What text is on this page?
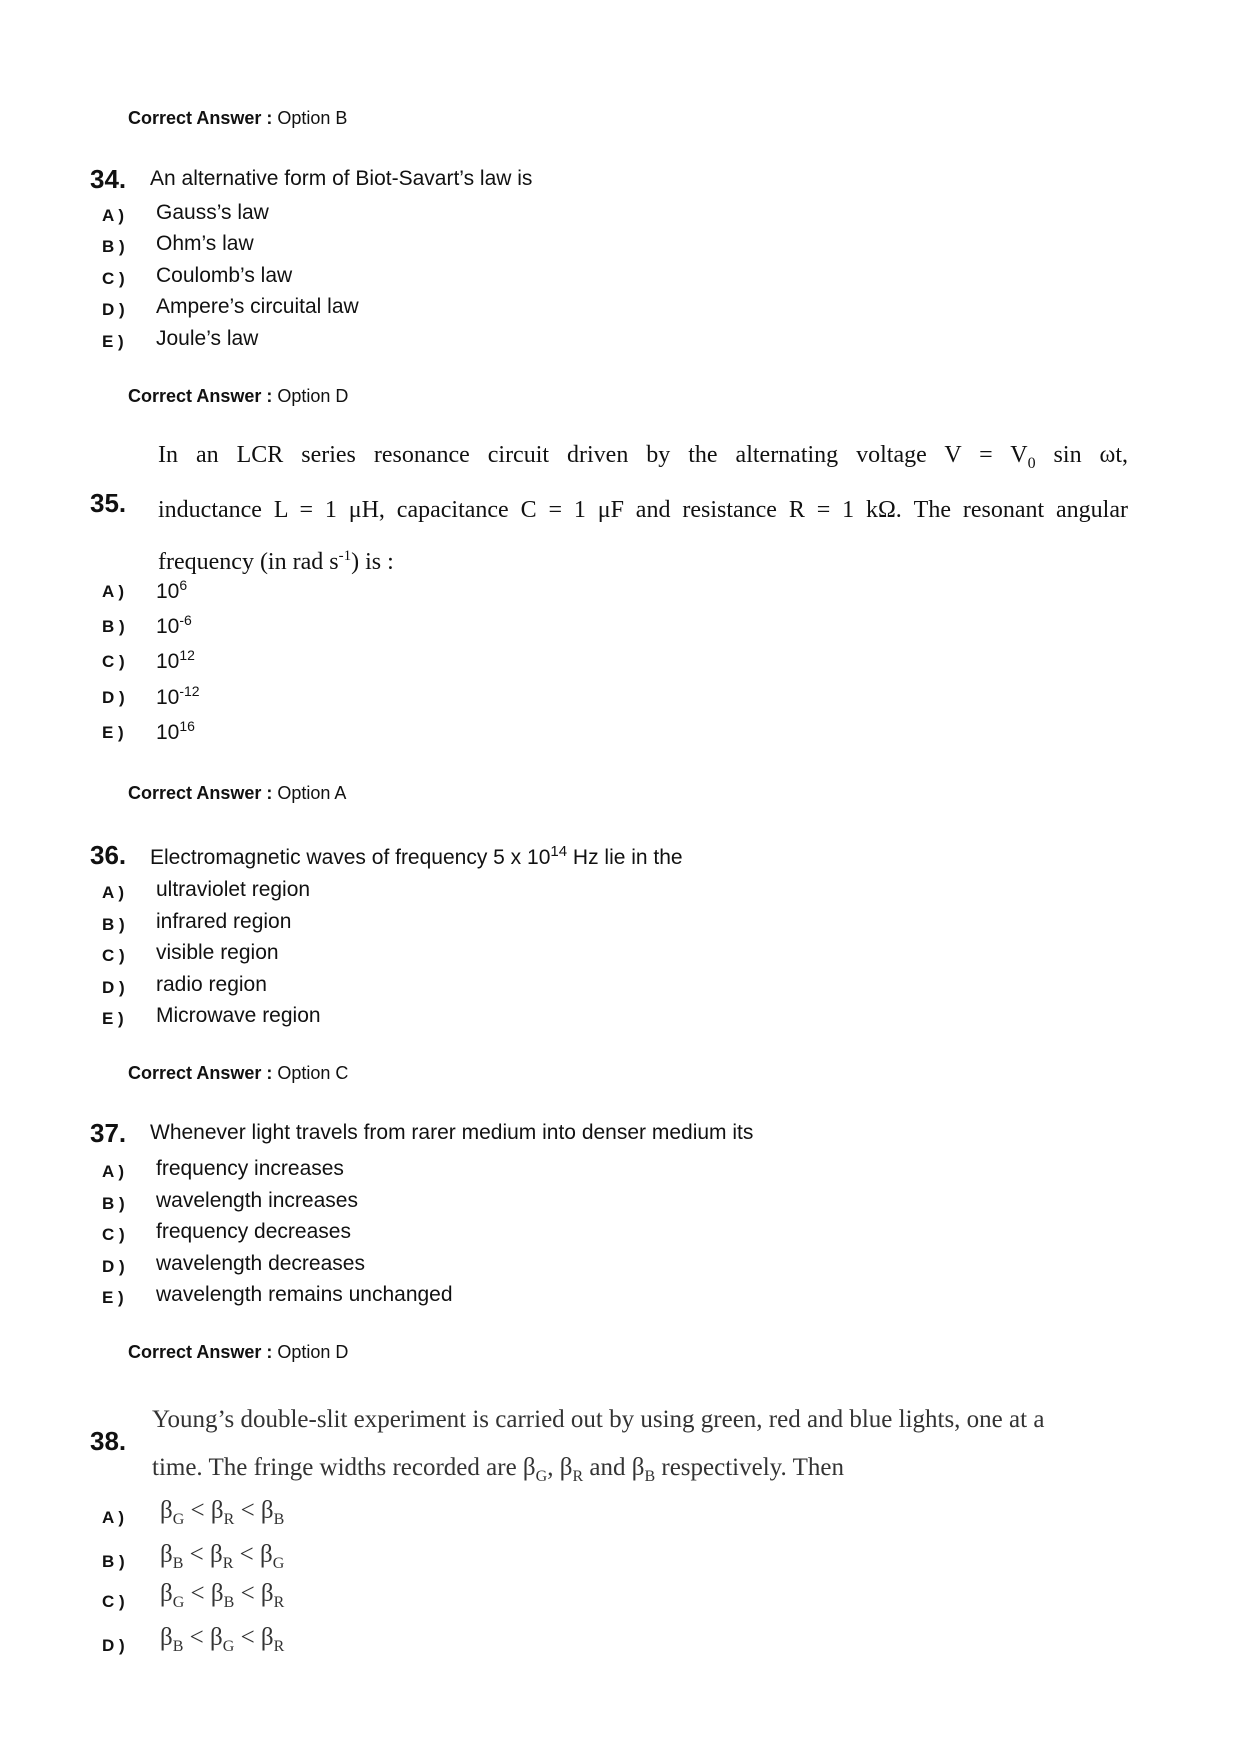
Correct Answer : Option B
34. An alternative form of Biot-Savart’s law is
A ) Gauss’s law
B ) Ohm’s law
C ) Coulomb’s law
D ) Ampere’s circuital law
E ) Joule’s law
Correct Answer : Option D
35.
In an LCR series resonance circuit driven by the alternating voltage $V = V_0$ sin ωt,
inductance L = 1 μH, capacitance C = 1 μF and resistance R = 1 kΩ. The resonant angular
frequency (in rad $s^{-1}$) is :
A ) $10^6$
B ) $10^{-6}$
C ) $10^{12}$
D ) $10^{-12}$
E ) $10^{16}$
Correct Answer : Option A
36. Electromagnetic waves of frequency 5 x $10^{14}$ Hz lie in the
A ) ultraviolet region
B ) infrared region
C ) visible region
D ) radio region
E ) Microwave region
Correct Answer : Option C
37. Whenever light travels from rarer medium into denser medium its
A ) frequency increases
B ) wavelength increases
C ) frequency decreases
D ) wavelength decreases
E ) wavelength remains unchanged
Correct Answer : Option D
38.
Young’s double-slit experiment is carried out by using green, red and blue lights, one at a
time. The fringe widths recorded are $\beta_G$, $\beta_R$ and $\beta_B$ respectively. Then
A ) $\beta_G < \beta_R < \beta_B$
B ) $\beta_B < \beta_R < \beta_G$
C ) $\beta_G < \beta_B < \beta_R$
D ) $\beta_B < \beta_G < \beta_R$
